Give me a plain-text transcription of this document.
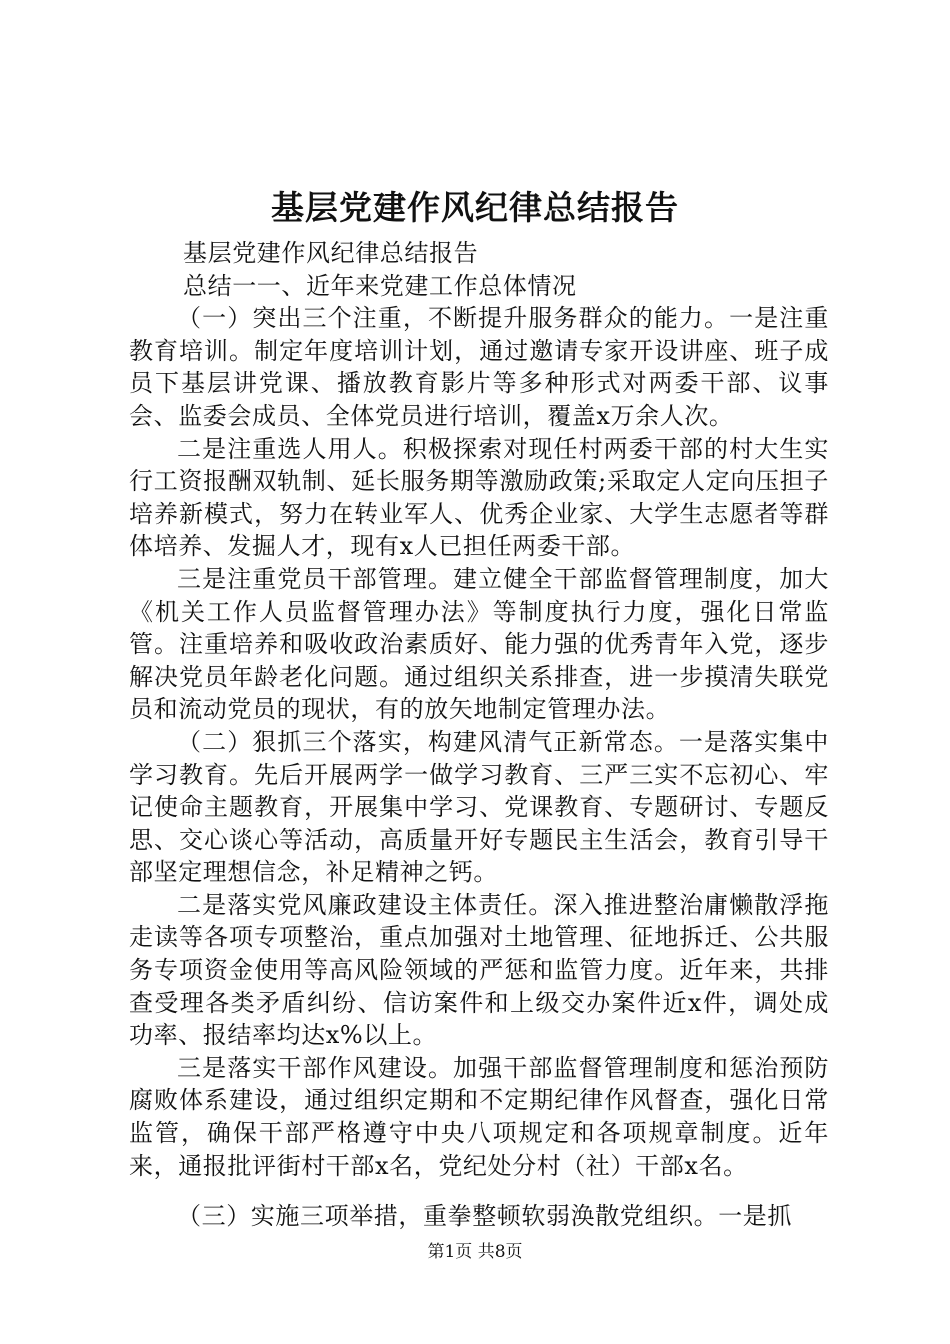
基层党建作风纪律总结报告

基层党建作风纪律总结报告

总结一一、近年来党建工作总体情况

（一）突出三个注重，不断提升服务群众的能力。一是注重教育培训。制定年度培训计划，通过邀请专家开设讲座、班子成员下基层讲党课、播放教育影片等多种形式对两委干部、议事会、监委会成员、全体党员进行培训，覆盖x万余人次。

二是注重选人用人。积极探索对现任村两委干部的村大生实行工资报酬双轨制、延长服务期等激励政策;采取定人定向压担子培养新模式，努力在转业军人、优秀企业家、大学生志愿者等群体培养、发掘人才，现有x人已担任两委干部。

三是注重党员干部管理。建立健全干部监督管理制度，加大《机关工作人员监督管理办法》等制度执行力度，强化日常监管。注重培养和吸收政治素质好、能力强的优秀青年入党，逐步解决党员年龄老化问题。通过组织关系排查，进一步摸清失联党员和流动党员的现状，有的放矢地制定管理办法。

（二）狠抓三个落实，构建风清气正新常态。一是落实集中学习教育。先后开展两学一做学习教育、三严三实不忘初心、牢记使命主题教育，开展集中学习、党课教育、专题研讨、专题反思、交心谈心等活动，高质量开好专题民主生活会，教育引导干部坚定理想信念，补足精神之钙。

二是落实党风廉政建设主体责任。深入推进整治庸懒散浮拖走读等各项专项整治，重点加强对土地管理、征地拆迁、公共服务专项资金使用等高风险领域的严惩和监管力度。近年来，共排查受理各类矛盾纠纷、信访案件和上级交办案件近x件，调处成功率、报结率均达x%以上。

三是落实干部作风建设。加强干部监督管理制度和惩治预防腐败体系建设，通过组织定期和不定期纪律作风督查，强化日常监管，确保干部严格遵守中央八项规定和各项规章制度。近年来，通报批评街村干部x名，党纪处分村（社）干部x名。

（三）实施三项举措，重拳整顿软弱涣散党组织。一是抓

第1页 共8页
